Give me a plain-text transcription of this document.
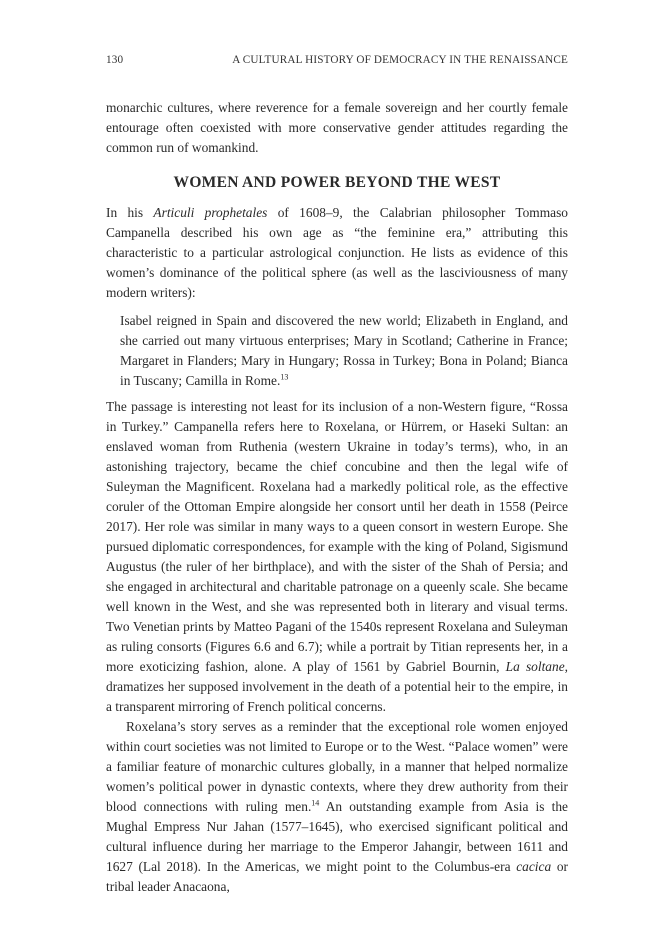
130	A CULTURAL HISTORY OF DEMOCRACY IN THE RENAISSANCE

monarchic cultures, where reverence for a female sovereign and her courtly female entourage often coexisted with more conservative gender attitudes regarding the common run of womankind.

WOMEN AND POWER BEYOND THE WEST

In his Articuli prophetales of 1608–9, the Calabrian philosopher Tommaso Campanella described his own age as “the feminine era,” attributing this characteristic to a particular astrological conjunction. He lists as evidence of this women’s dominance of the political sphere (as well as the lasciviousness of many modern writers):

Isabel reigned in Spain and discovered the new world; Elizabeth in England, and she carried out many virtuous enterprises; Mary in Scotland; Catherine in France; Margaret in Flanders; Mary in Hungary; Rossa in Turkey; Bona in Poland; Bianca in Tuscany; Camilla in Rome.$^{13}$

The passage is interesting not least for its inclusion of a non-Western figure, “Rossa in Turkey.” Campanella refers here to Roxelana, or Hürrem, or Haseki Sultan: an enslaved woman from Ruthenia (western Ukraine in today’s terms), who, in an astonishing trajectory, became the chief concubine and then the legal wife of Suleyman the Magnificent. Roxelana had a markedly political role, as the effective coruler of the Ottoman Empire alongside her consort until her death in 1558 (Peirce 2017). Her role was similar in many ways to a queen consort in western Europe. She pursued diplomatic correspondences, for example with the king of Poland, Sigismund Augustus (the ruler of her birthplace), and with the sister of the Shah of Persia; and she engaged in architectural and charitable patronage on a queenly scale. She became well known in the West, and she was represented both in literary and visual terms. Two Venetian prints by Matteo Pagani of the 1540s represent Roxelana and Suleyman as ruling consorts (Figures 6.6 and 6.7); while a portrait by Titian represents her, in a more exoticizing fashion, alone. A play of 1561 by Gabriel Bournin, La soltane, dramatizes her supposed involvement in the death of a potential heir to the empire, in a transparent mirroring of French political concerns.

Roxelana’s story serves as a reminder that the exceptional role women enjoyed within court societies was not limited to Europe or to the West. “Palace women” were a familiar feature of monarchic cultures globally, in a manner that helped normalize women’s political power in dynastic contexts, where they drew authority from their blood connections with ruling men.$^{14}$ An outstanding example from Asia is the Mughal Empress Nur Jahan (1577–1645), who exercised significant political and cultural influence during her marriage to the Emperor Jahangir, between 1611 and 1627 (Lal 2018). In the Americas, we might point to the Columbus-era cacica or tribal leader Anacaona,
